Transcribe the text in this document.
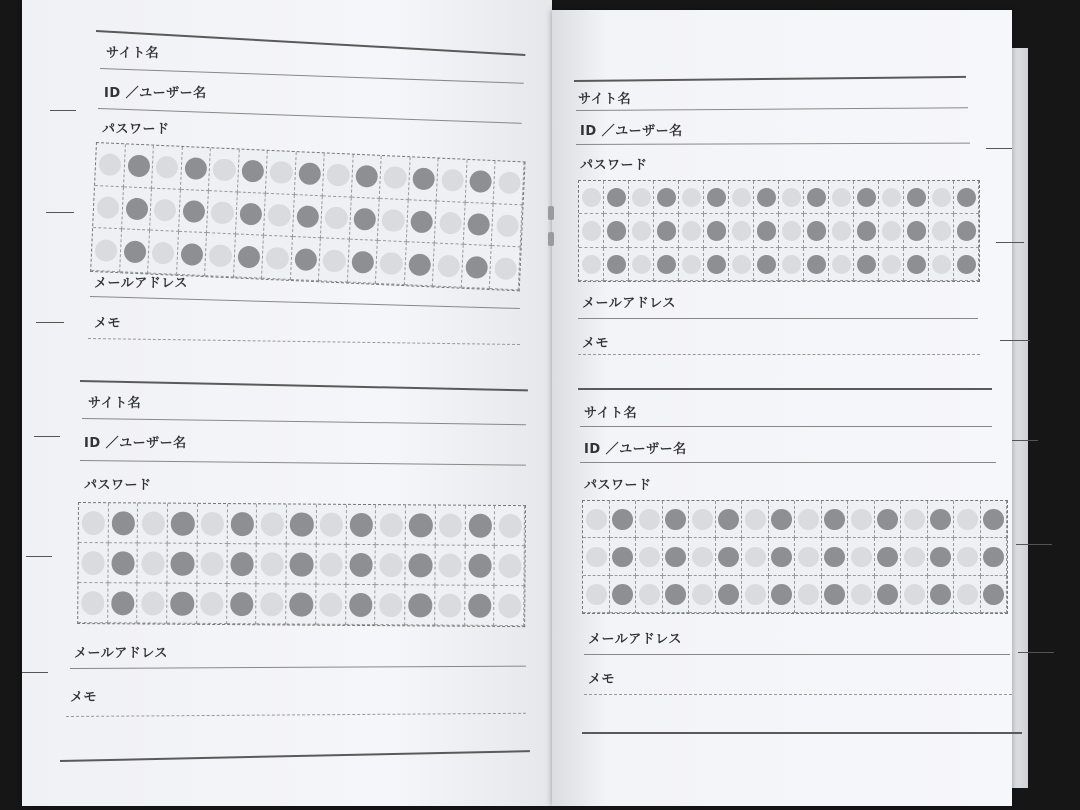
サイト名
ID ／ユーザー名
パスワード
メールアドレス
メモ
サイト名
ID ／ユーザー名
パスワード
メールアドレス
メモ
サイト名
ID ／ユーザー名
パスワード
メールアドレス
メモ
サイト名
ID ／ユーザー名
パスワード
メールアドレス
メモ
